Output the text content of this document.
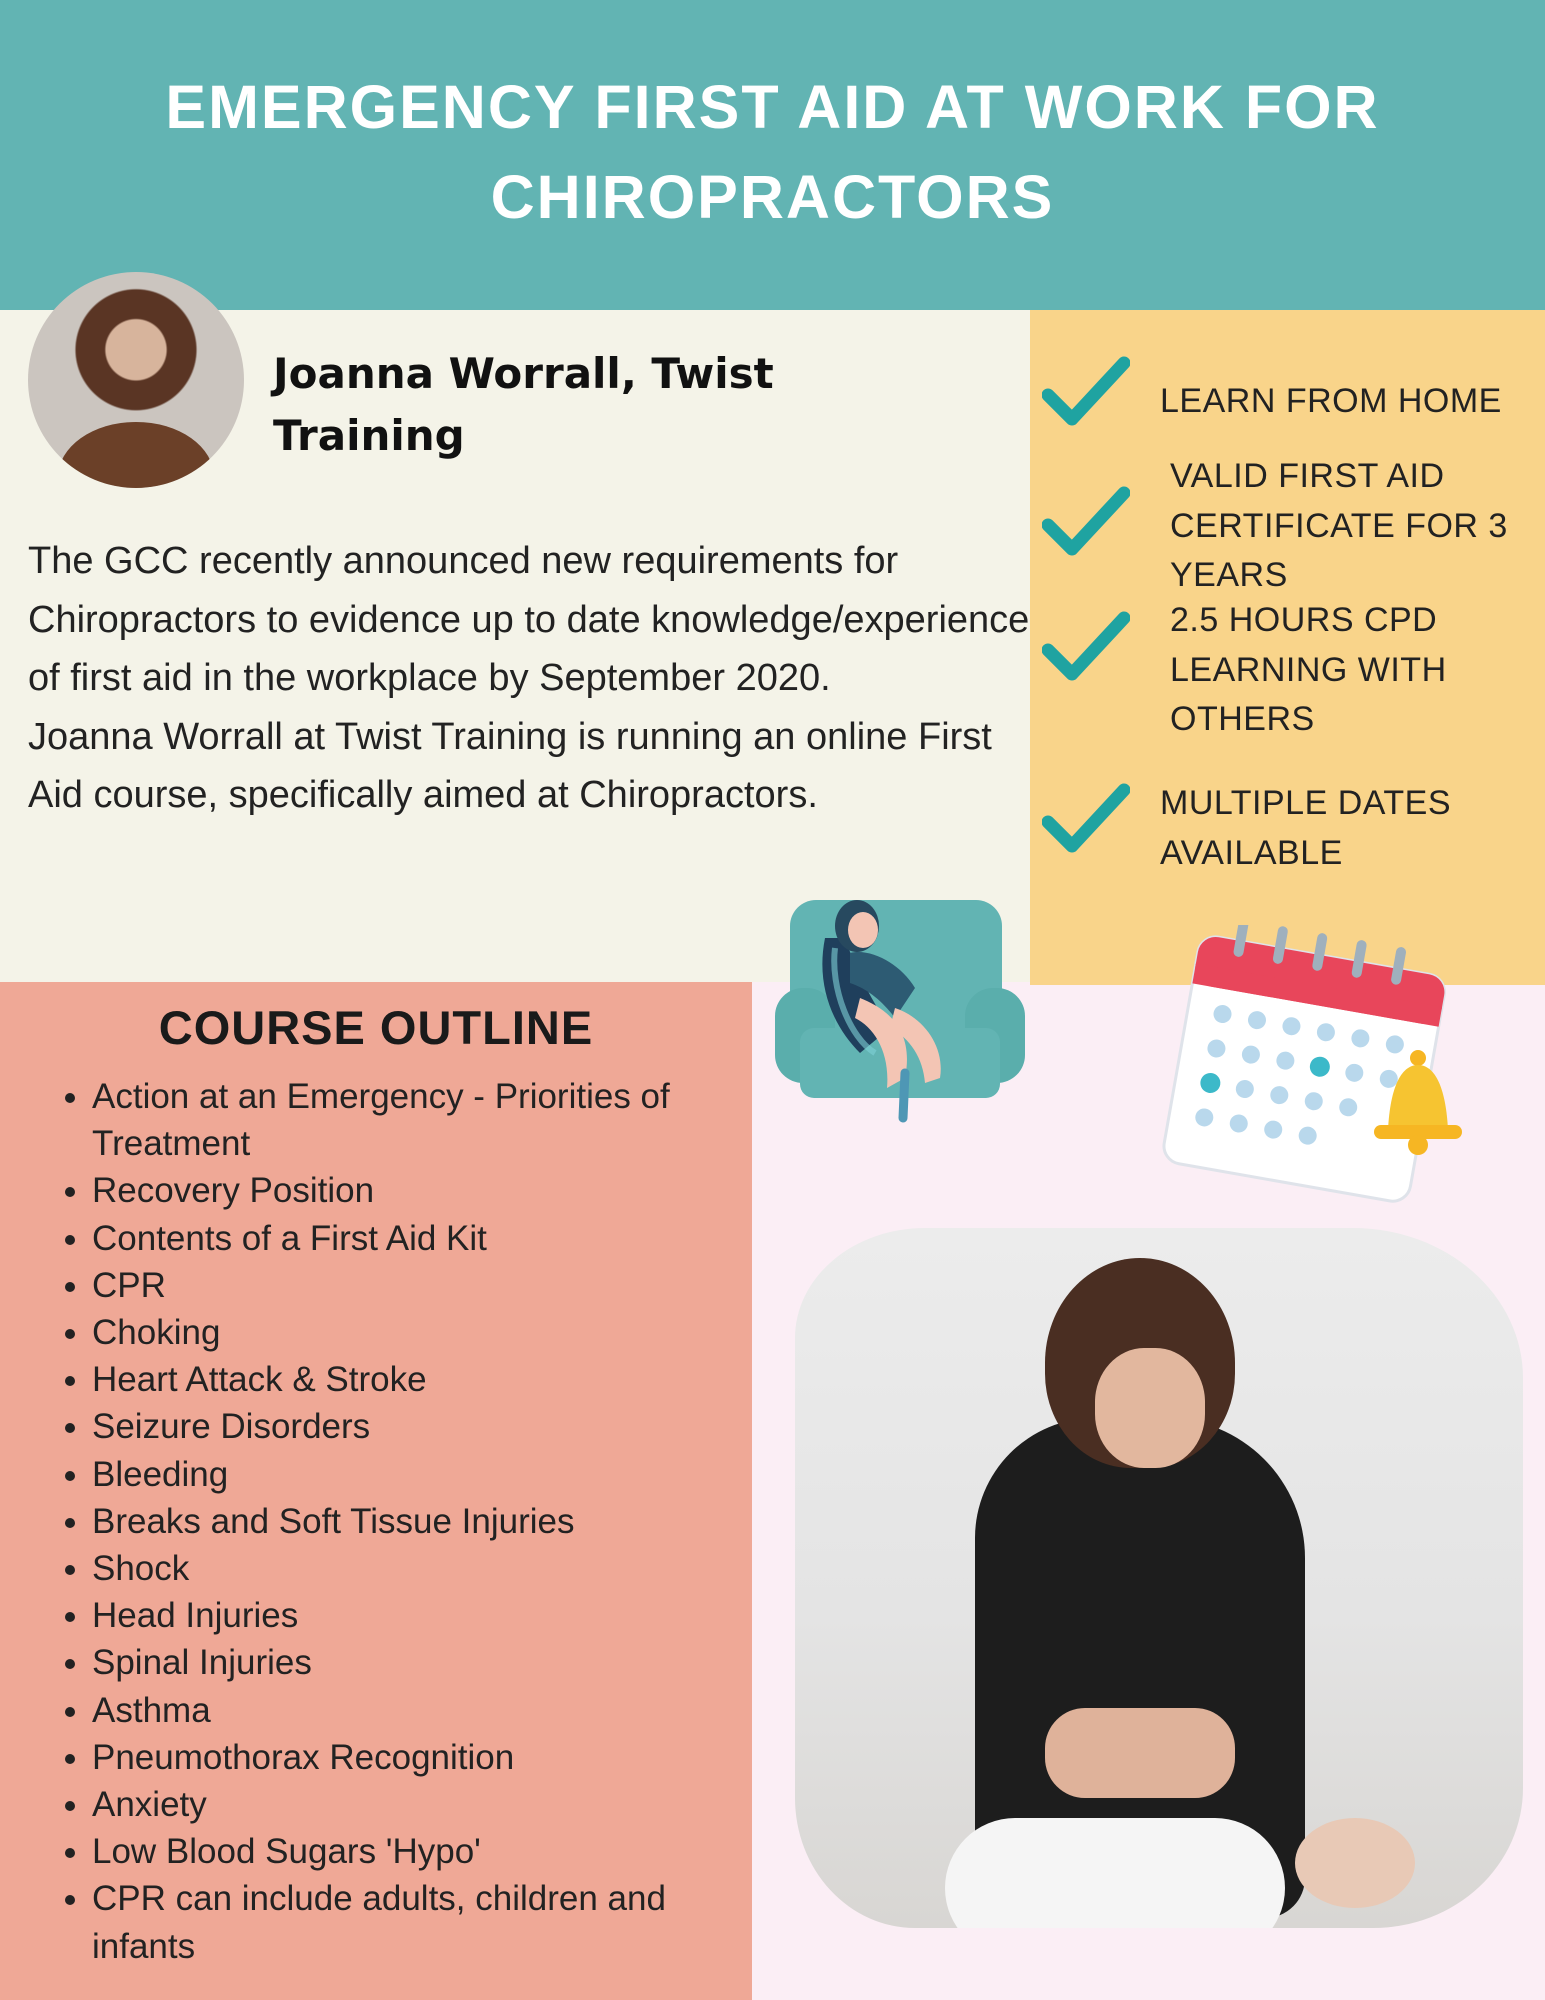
EMERGENCY FIRST AID AT WORK FOR CHIROPRACTORS
Joanna Worrall, Twist Training

The GCC recently announced new requirements for Chiropractors to evidence up to date knowledge/experience of first aid in the workplace by September 2020.

Joanna Worrall at Twist Training is running an online First Aid course, specifically aimed at Chiropractors.

LEARN FROM HOME

VALID FIRST AID CERTIFICATE FOR 3 YEARS

2.5 HOURS CPD LEARNING WITH OTHERS

MULTIPLE DATES AVAILABLE

COURSE OUTLINE
• Action at an Emergency - Priorities of Treatment
• Recovery Position
• Contents of a First Aid Kit
• CPR
• Choking
• Heart Attack & Stroke
• Seizure Disorders
• Bleeding
• Breaks and Soft Tissue Injuries
• Shock
• Head Injuries
• Spinal Injuries
• Asthma
• Pneumothorax Recognition
• Anxiety
• Low Blood Sugars 'Hypo'
• CPR can include adults, children and infants
